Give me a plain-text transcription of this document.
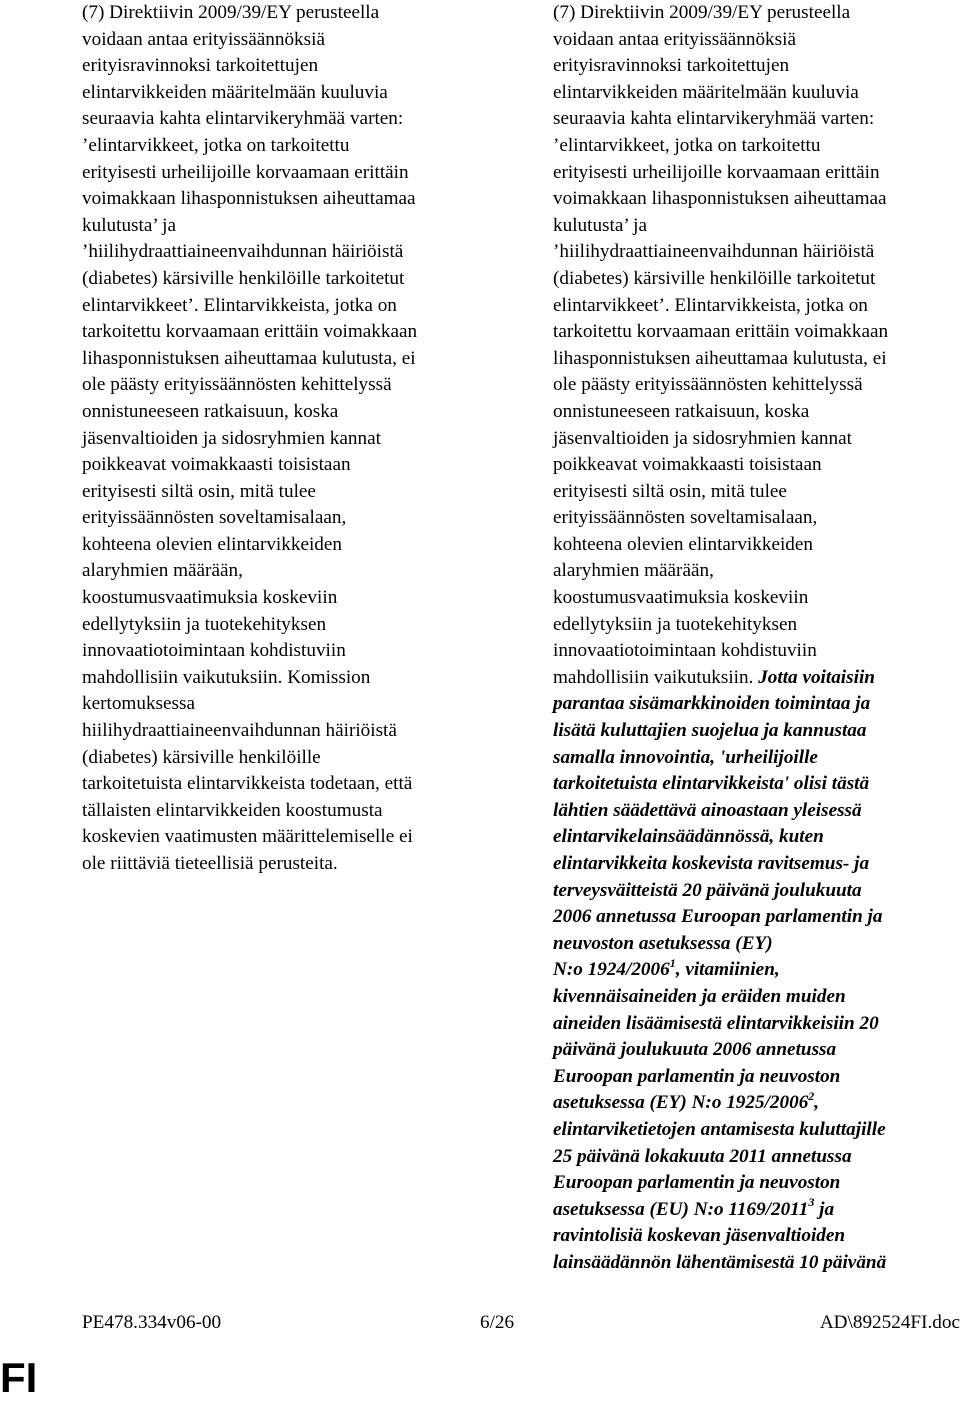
(7) Direktiivin 2009/39/EY perusteella
voidaan antaa erityissäännöksiä
erityisravinnoksi tarkoitettujen
elintarvikkeiden määritelmään kuuluvia
seuraavia kahta elintarvikeryhmää varten:
’elintarvikkeet, jotka on tarkoitettu
erityisesti urheilijoille korvaamaan erittäin
voimakkaan lihasponnistuksen aiheuttamaa
kulutusta’ ja
’hiilihydraattiaineenvaihdunnan häiriöistä
(diabetes) kärsiville henkilöille tarkoitetut
elintarvikkeet’. Elintarvikkeista, jotka on
tarkoitettu korvaamaan erittäin voimakkaan
lihasponnistuksen aiheuttamaa kulutusta, ei
ole päästy erityissäännösten kehittelyssä
onnistuneeseen ratkaisuun, koska
jäsenvaltioiden ja sidosryhmien kannat
poikkeavat voimakkaasti toisistaan
erityisesti siltä osin, mitä tulee
erityissäännösten soveltamisalaan,
kohteena olevien elintarvikkeiden
alaryhmien määrään,
koostumusvaatimuksia koskeviin
edellytyksiin ja tuotekehityksen
innovaatiotoimintaan kohdistuviin
mahdollisiin vaikutuksiin. Komission
kertomuksessa
hiilihydraattiaineenvaihdunnan häiriöistä
(diabetes) kärsiville henkilöille
tarkoitetuista elintarvikkeista todetaan, että
tällaisten elintarvikkeiden koostumusta
koskevien vaatimusten määrittelemiselle ei
ole riittäviä tieteellisiä perusteita.
(7) Direktiivin 2009/39/EY perusteella
voidaan antaa erityissäännöksiä
erityisravinnoksi tarkoitettujen
elintarvikkeiden määritelmään kuuluvia
seuraavia kahta elintarvikeryhmää varten:
’elintarvikkeet, jotka on tarkoitettu
erityisesti urheilijoille korvaamaan erittäin
voimakkaan lihasponnistuksen aiheuttamaa
kulutusta’ ja
’hiilihydraattiaineenvaihdunnan häiriöistä
(diabetes) kärsiville henkilöille tarkoitetut
elintarvikkeet’. Elintarvikkeista, jotka on
tarkoitettu korvaamaan erittäin voimakkaan
lihasponnistuksen aiheuttamaa kulutusta, ei
ole päästy erityissäännösten kehittelyssä
onnistuneeseen ratkaisuun, koska
jäsenvaltioiden ja sidosryhmien kannat
poikkeavat voimakkaasti toisistaan
erityisesti siltä osin, mitä tulee
erityissäännösten soveltamisalaan,
kohteena olevien elintarvikkeiden
alaryhmien määrään,
koostumusvaatimuksia koskeviin
edellytyksiin ja tuotekehityksen
innovaatiotoimintaan kohdistuviin
mahdollisiin vaikutuksiin. Jotta voitaisiin
parantaa sisämarkkinoiden toimintaa ja
lisätä kuluttajien suojelua ja kannustaa
samalla innovointia, 'urheilijoille
tarkoitetuista elintarvikkeista' olisi tästä
lähtien säädettävä ainoastaan yleisessä
elintarvikelainsäädännössä, kuten
elintarvikkeita koskevista ravitsemus- ja
terveysväitteistä 20 päivänä joulukuuta
2006 annetussa Euroopan parlamentin ja
neuvoston asetuksessa (EY)
N:o 1924/2006$^1$, vitamiinien,
kivennäisaineiden ja eräiden muiden
aineiden lisäämisestä elintarvikkeisiin 20
päivänä joulukuuta 2006 annetussa
Euroopan parlamentin ja neuvoston
asetuksessa (EY) N:o 1925/2006$^2$,
elintarviketietojen antamisesta kuluttajille
25 päivänä lokakuuta 2011 annetussa
Euroopan parlamentin ja neuvoston
asetuksessa (EU) N:o 1169/2011$^3$ ja
ravintolisiä koskevan jäsenvaltioiden
lainsäädännön lähentämisestä 10 päivänä
PE478.334v06-00	6/26	AD\892524FI.doc
FI
